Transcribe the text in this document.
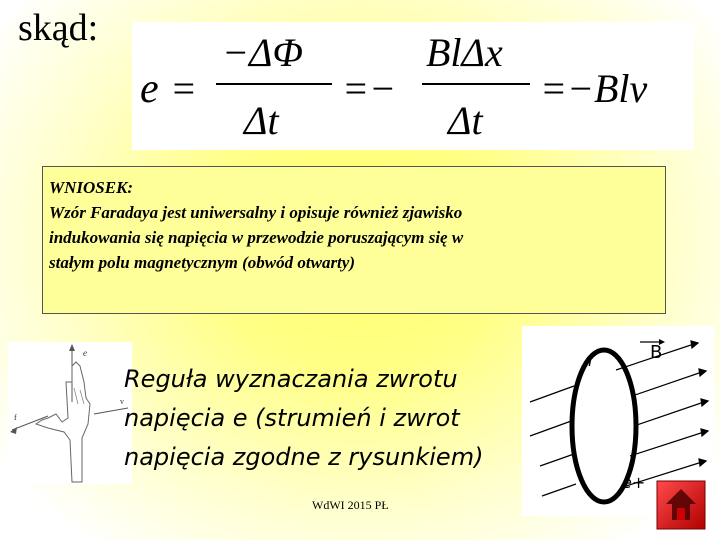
skąd:
e =
−ΔΦ
Δt
=−
BlΔx
Δt
=−Blv
WNIOSEK:
Wzór Faradaya jest uniwersalny i opisuje również zjawisko
indukowania się napięcia w przewodzie poruszającym się w
stałym polu magnetycznym (obwód otwarty)
e
v
f
Reguła wyznaczania zwrotu
napięcia e (strumień i zwrot
napięcia zgodne z rysunkiem)
B
l
e+
WdWI 2015 PŁ
